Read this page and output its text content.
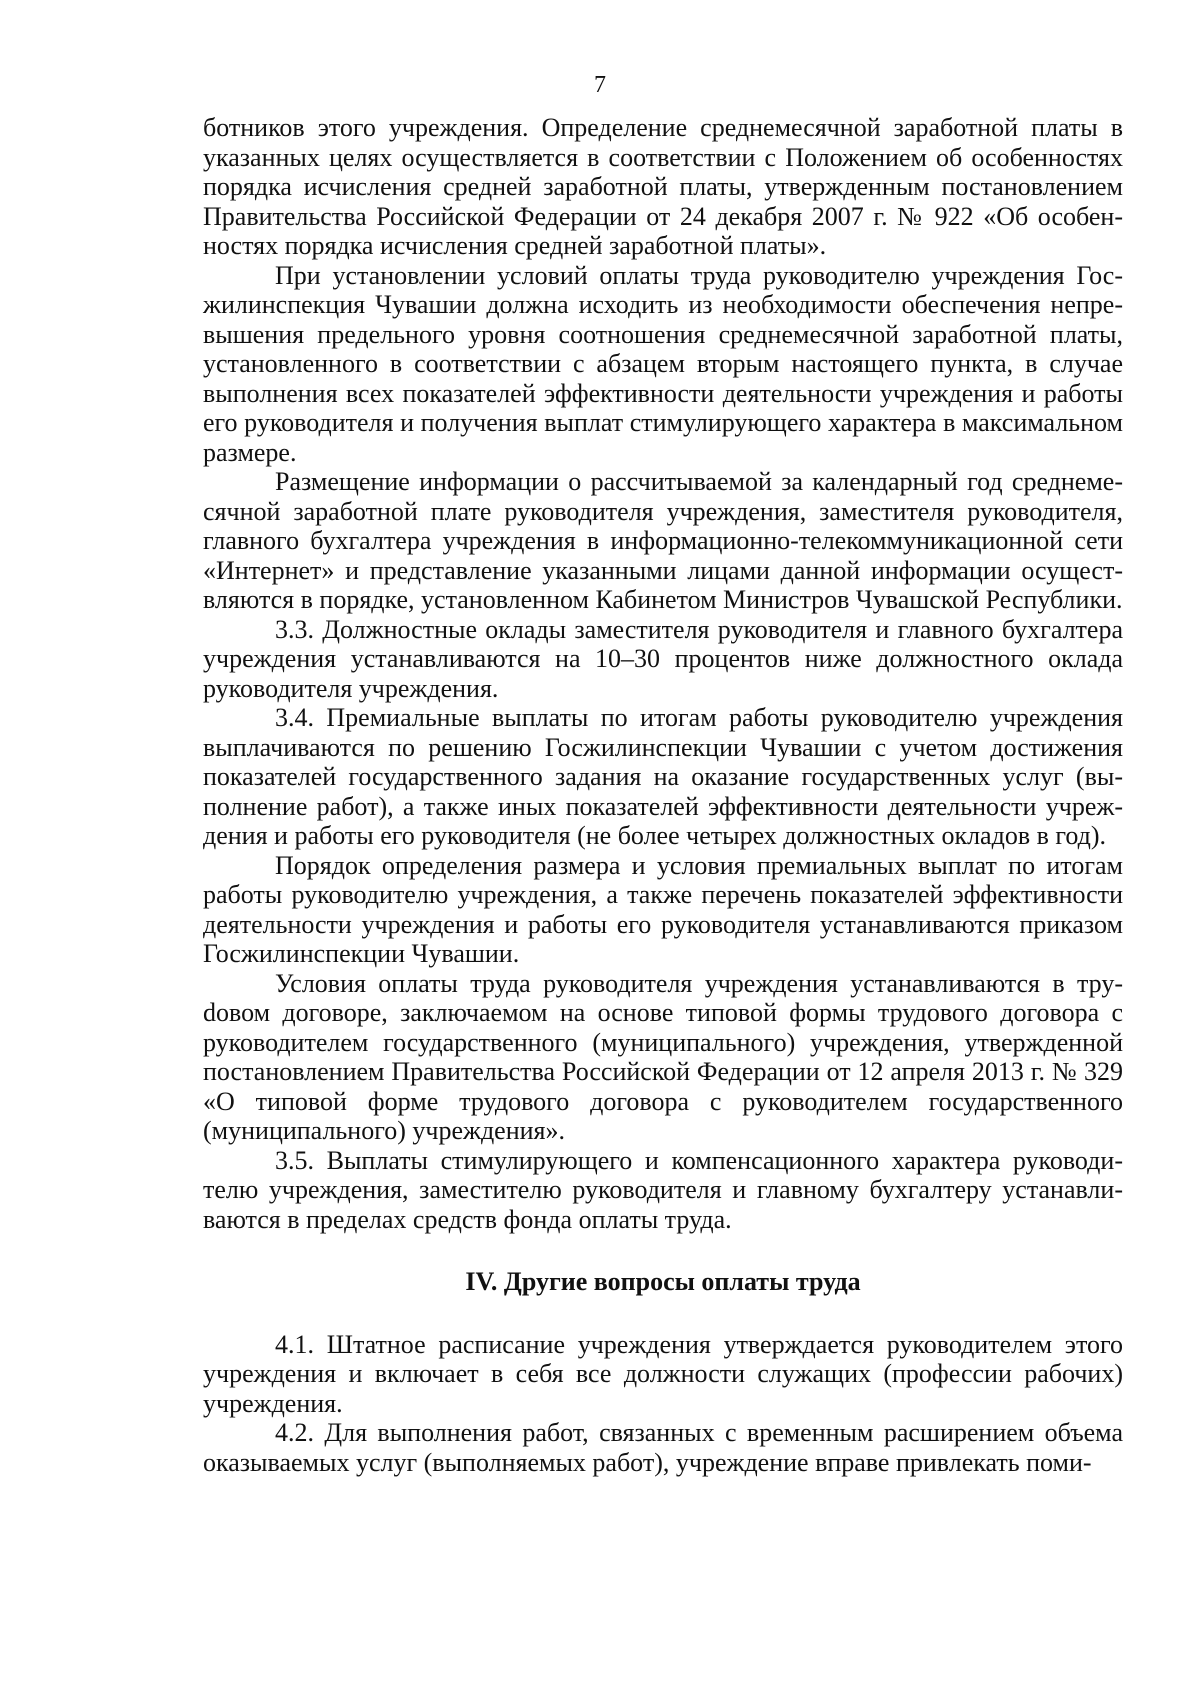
7

ботников этого учреждения. Определение среднемесячной заработной платы в указанных целях осуществляется в соответствии с Положением об особенностях порядка исчисления средней заработной платы, утвержденным постановлением Правительства Российской Федерации от 24 декабря 2007 г. № 922 «Об особенностях порядка исчисления средней заработной платы».

При установлении условий оплаты труда руководителю учреждения Госжилинспекция Чувашии должна исходить из необходимости обеспечения непревышения предельного уровня соотношения среднемесячной заработной платы, установленного в соответствии с абзацем вторым настоящего пункта, в случае выполнения всех показателей эффективности деятельности учреждения и работы его руководителя и получения выплат стимулирующего характера в максимальном размере.

Размещение информации о рассчитываемой за календарный год среднемесячной заработной плате руководителя учреждения, заместителя руководителя, главного бухгалтера учреждения в информационно-телекоммуникационной сети «Интернет» и представление указанными лицами данной информации осуществляются в порядке, установленном Кабинетом Министров Чувашской Республики.

3.3. Должностные оклады заместителя руководителя и главного бухгалтера учреждения устанавливаются на 10–30 процентов ниже должностного оклада руководителя учреждения.

3.4. Премиальные выплаты по итогам работы руководителю учреждения выплачиваются по решению Госжилинспекции Чувашии с учетом достижения показателей государственного задания на оказание государственных услуг (выполнение работ), а также иных показателей эффективности деятельности учреждения и работы его руководителя (не более четырех должностных окладов в год).

Порядок определения размера и условия премиальных выплат по итогам работы руководителю учреждения, а также перечень показателей эффективности деятельности учреждения и работы его руководителя устанавливаются приказом Госжилинспекции Чувашии.

Условия оплаты труда руководителя учреждения устанавливаются в труdовом договоре, заключаемом на основе типовой формы трудового договора с руководителем государственного (муниципального) учреждения, утвержденной постановлением Правительства Российской Федерации от 12 апреля 2013 г. № 329 «О типовой форме трудового договора с руководителем государственного (муниципального) учреждения».

3.5. Выплаты стимулирующего и компенсационного характера руководителю учреждения, заместителю руководителя и главному бухгалтеру устанавливаются в пределах средств фонда оплаты труда.

IV. Другие вопросы оплаты труда

4.1. Штатное расписание учреждения утверждается руководителем этого учреждения и включает в себя все должности служащих (профессии рабочих) учреждения.

4.2. Для выполнения работ, связанных с временным расширением объема оказываемых услуг (выполняемых работ), учреждение вправе привлекать поми-
